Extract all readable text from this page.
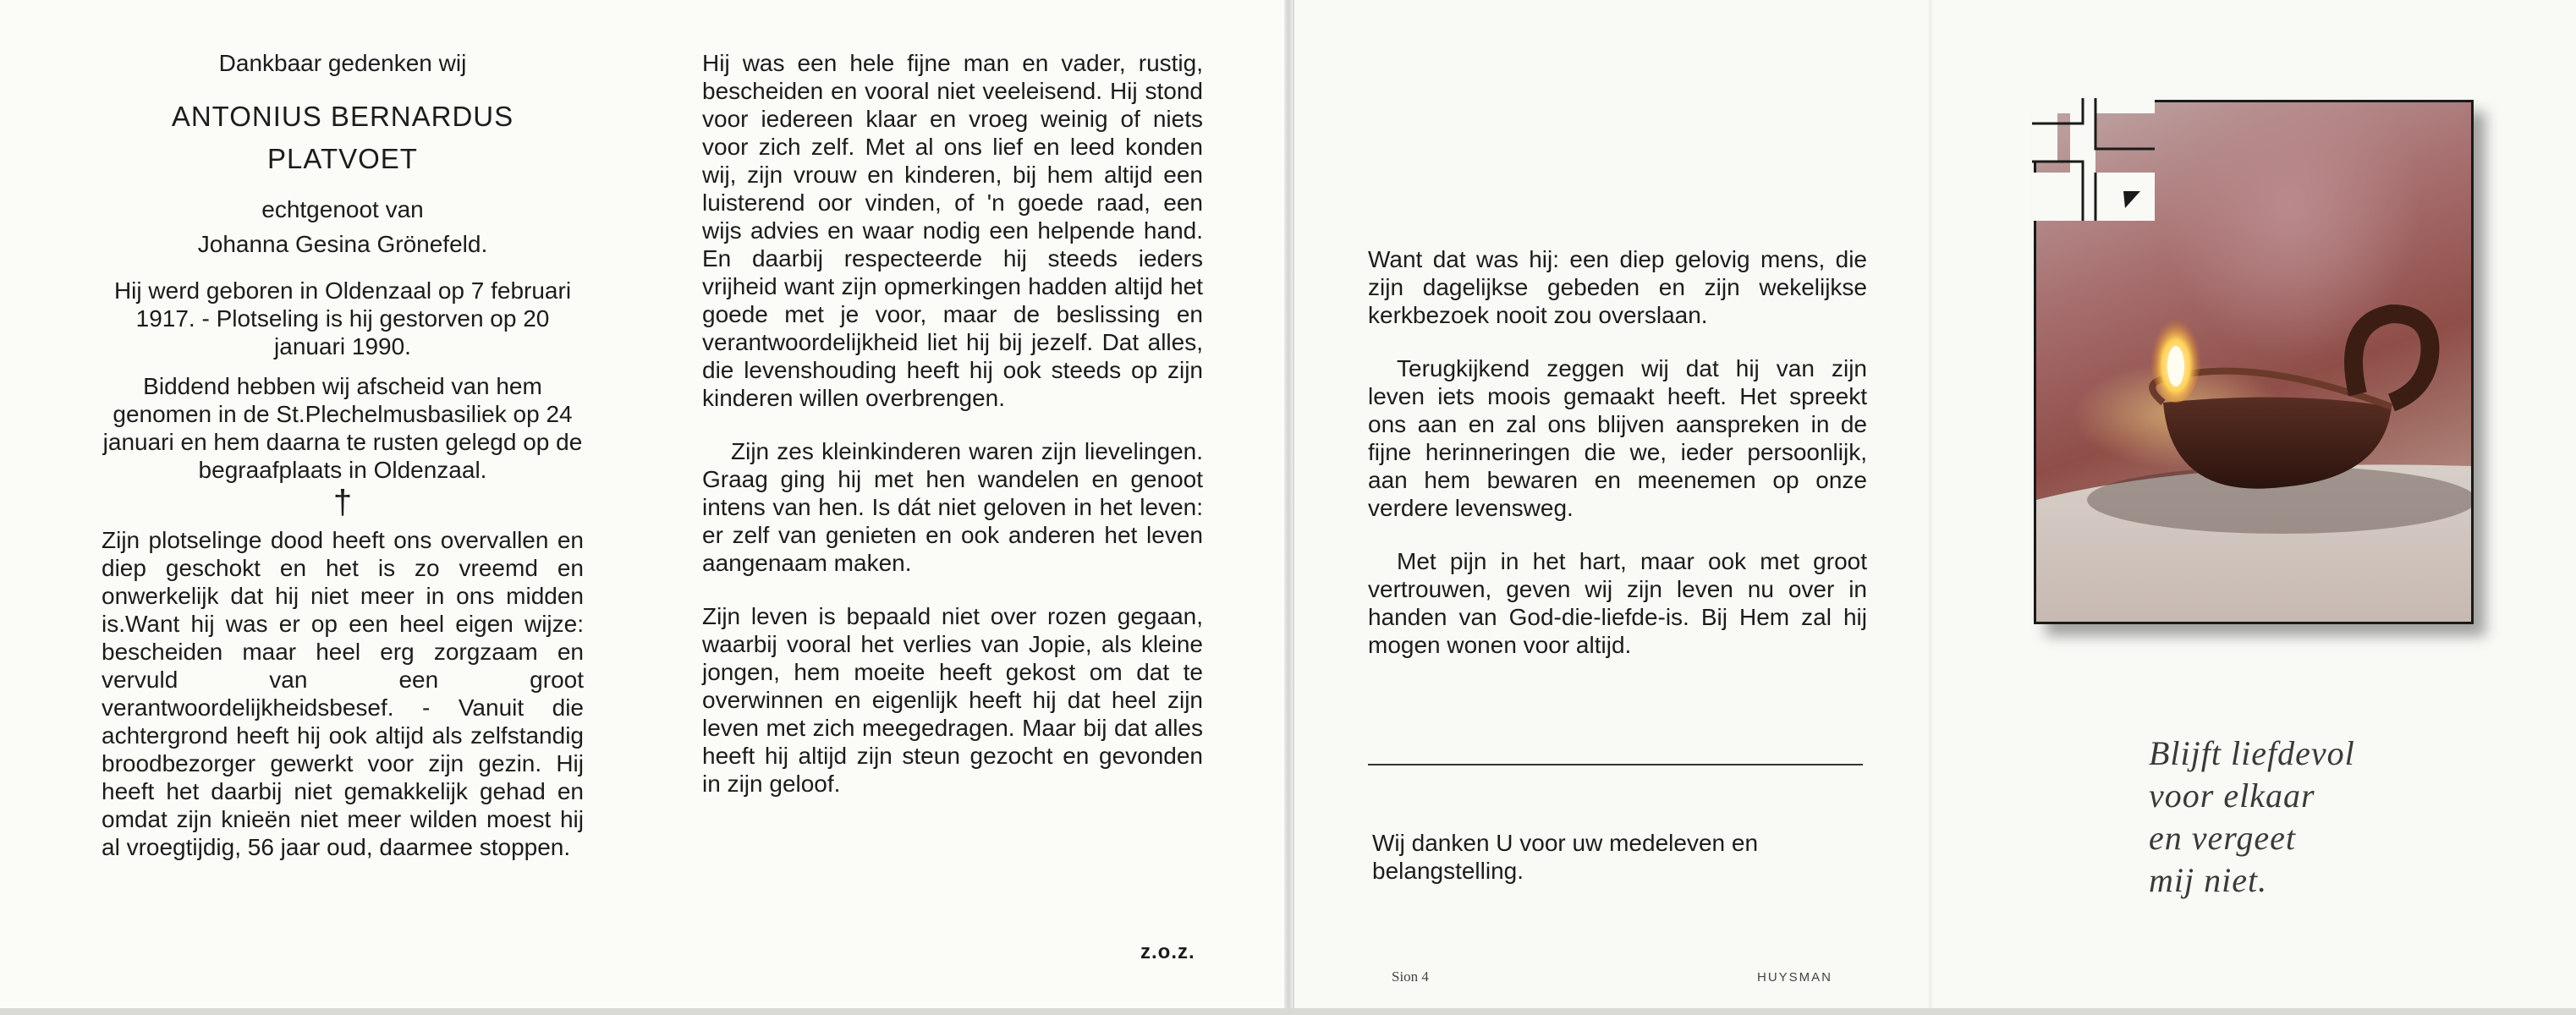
Dankbaar gedenken wij

ANTONIUS BERNARDUS

PLATVOET

echtgenoot van

Johanna Gesina Grönefeld.

Hij werd geboren in Oldenzaal op 7 februari 1917. - Plotseling is hij gestorven op 20 januari 1990.

Biddend hebben wij afscheid van hem genomen in de St.Plechelmusbasiliek op 24 januari en hem daarna te rusten gelegd op de begraafplaats in Oldenzaal.

†

Zijn plotselinge dood heeft ons overvallen en diep geschokt en het is zo vreemd en onwerkelijk dat hij niet meer in ons midden is.Want hij was er op een heel eigen wijze: bescheiden maar heel erg zorgzaam en vervuld van een groot verantwoordelijkheidsbesef. - Vanuit die achtergrond heeft hij ook altijd als zelfstandig broodbezorger gewerkt voor zijn gezin. Hij heeft het daarbij niet gemakkelijk gehad en omdat zijn knieën niet meer wilden moest hij al vroegtijdig, 56 jaar oud, daarmee stoppen.

Hij was een hele fijne man en vader, rustig, bescheiden en vooral niet veeleisend. Hij stond voor iedereen klaar en vroeg weinig of niets voor zich zelf. Met al ons lief en leed konden wij, zijn vrouw en kinderen, bij hem altijd een luisterend oor vinden, of 'n goede raad, een wijs advies en waar nodig een helpende hand. En daarbij respecteerde hij steeds ieders vrijheid want zijn opmerkingen hadden altijd het goede met je voor, maar de beslissing en verantwoordelijkheid liet hij bij jezelf. Dat alles, die levenshouding heeft hij ook steeds op zijn kinderen willen overbrengen.

Zijn zes kleinkinderen waren zijn lievelingen. Graag ging hij met hen wandelen en genoot intens van hen. Is dát niet geloven in het leven: er zelf van genieten en ook anderen het leven aangenaam maken.

Zijn leven is bepaald niet over rozen gegaan, waarbij vooral het verlies van Jopie, als kleine jongen, hem moeite heeft gekost om dat te overwinnen en eigenlijk heeft hij dat heel zijn leven met zich meegedragen. Maar bij dat alles heeft hij altijd zijn steun gezocht en gevonden in zijn geloof.

z.o.z.

Want dat was hij: een diep gelovig mens, die zijn dagelijkse gebeden en zijn wekelijkse kerkbezoek nooit zou overslaan.

Terugkijkend zeggen wij dat hij van zijn leven iets moois gemaakt heeft. Het spreekt ons aan en zal ons blijven aanspreken in de fijne herinneringen die we, ieder persoonlijk, aan hem bewaren en meenemen op onze verdere levensweg.

Met pijn in het hart, maar ook met groot vertrouwen, geven wij zijn leven nu over in handen van God-die-liefde-is. Bij Hem zal hij mogen wonen voor altijd.

Wij danken U voor uw medeleven en belangstelling.
Sion 4	HUYSMAN
Blijft liefdevol
voor elkaar
en vergeet
mij niet.
